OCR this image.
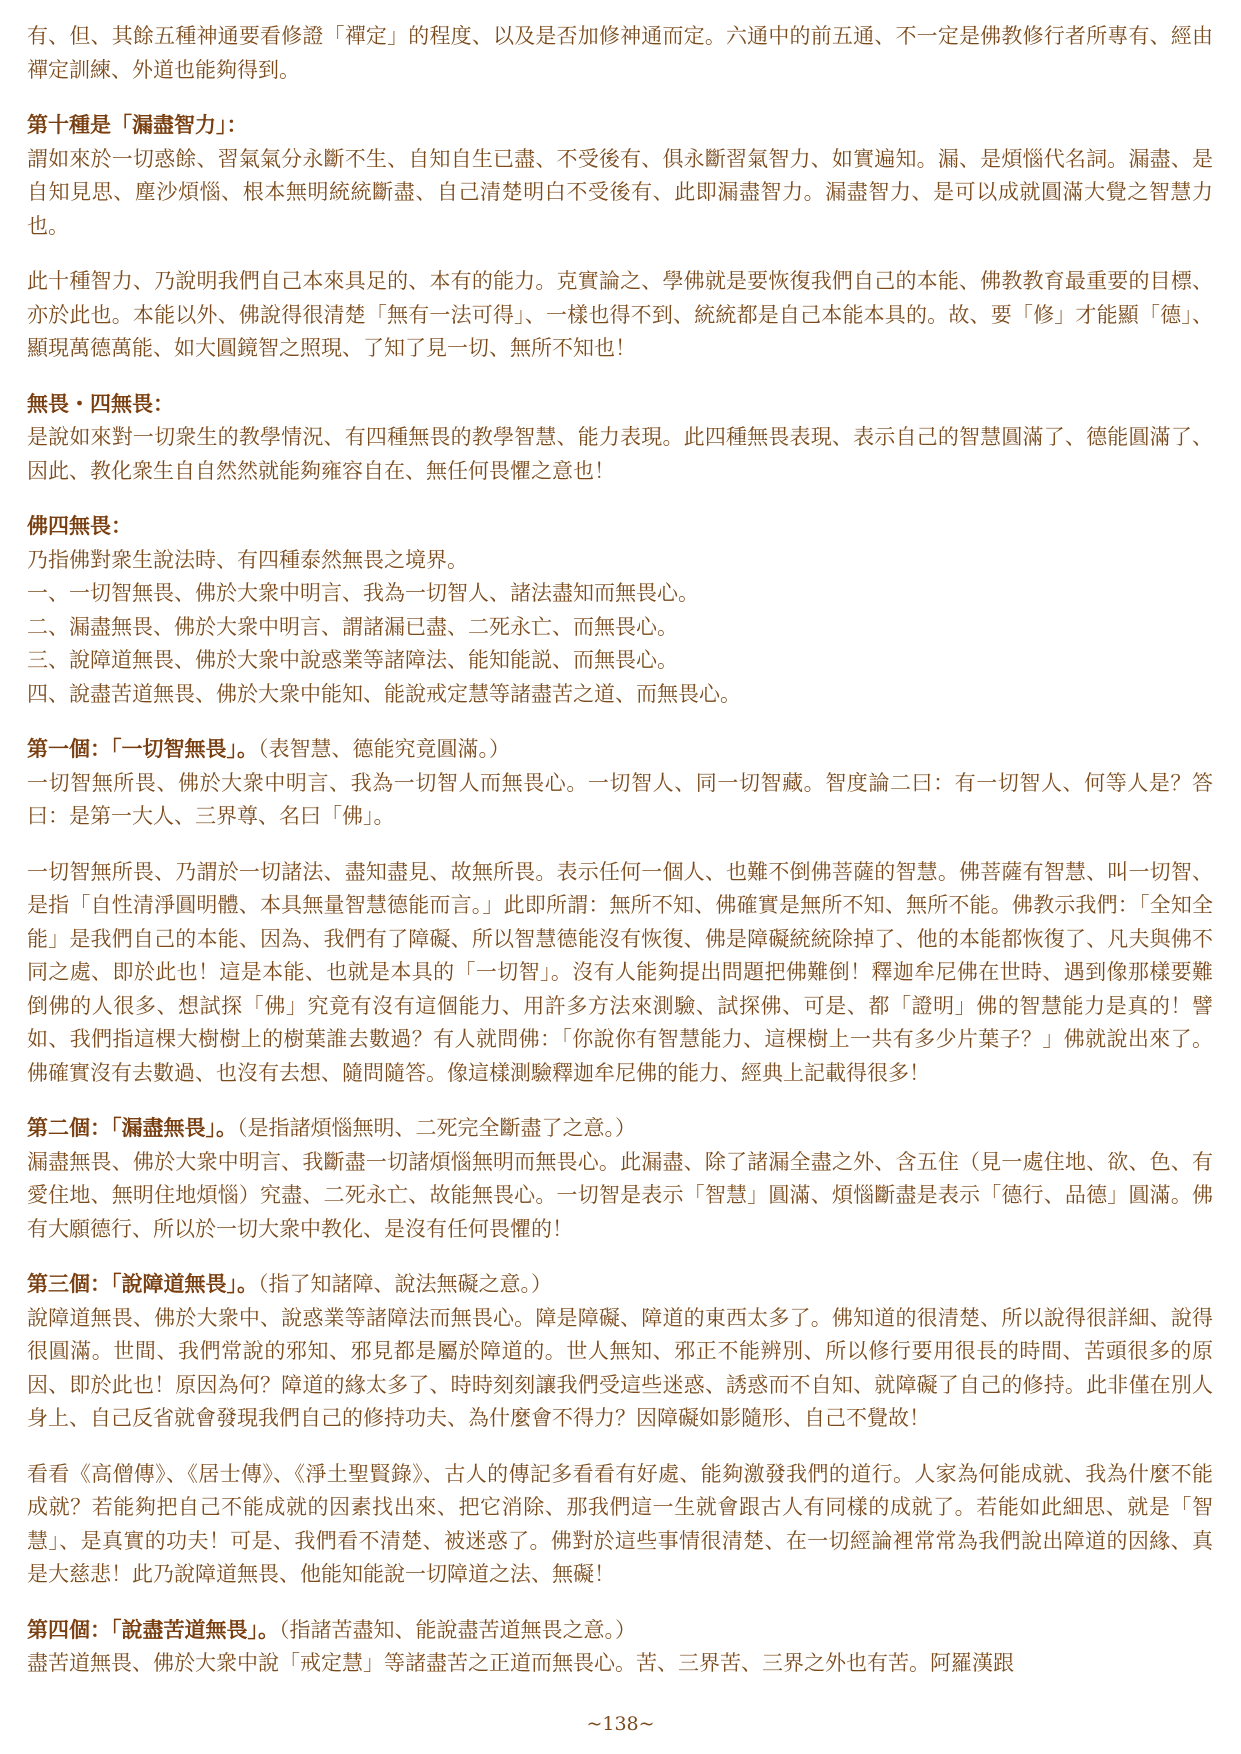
有、但、其餘五種神通要看修證「禪定」的程度、以及是否加修神通而定。六通中的前五通、不一定是佛教修行者所專有、經由禪定訓練、外道也能夠得到。

第十種是「漏盡智力」：

謂如來於一切惑餘、習氣氣分永斷不生、自知自生已盡、不受後有、俱永斷習氣智力、如實遍知。漏、是煩惱代名詞。漏盡、是自知見思、塵沙煩惱、根本無明統統斷盡、自己清楚明白不受後有、此即漏盡智力。漏盡智力、是可以成就圓滿大覺之智慧力也。

此十種智力、乃說明我們自己本來具足的、本有的能力。克實論之、學佛就是要恢復我們自己的本能、佛教教育最重要的目標、亦於此也。本能以外、佛說得很清楚「無有一法可得」、一樣也得不到、統統都是自己本能本具的。故、要「修」才能顯「德」、顯現萬德萬能、如大圓鏡智之照現、了知了見一切、無所不知也！

無畏・四無畏：

是說如來對一切衆生的教學情況、有四種無畏的教學智慧、能力表現。此四種無畏表現、表示自己的智慧圓滿了、德能圓滿了、因此、教化衆生自自然然就能夠雍容自在、無任何畏懼之意也！

佛四無畏：

乃指佛對衆生說法時、有四種泰然無畏之境界。
一、一切智無畏、佛於大衆中明言、我為一切智人、諸法盡知而無畏心。
二、漏盡無畏、佛於大衆中明言、謂諸漏已盡、二死永亡、而無畏心。
三、說障道無畏、佛於大衆中說惑業等諸障法、能知能説、而無畏心。
四、說盡苦道無畏、佛於大衆中能知、能說戒定慧等諸盡苦之道、而無畏心。

第一個：「一切智無畏」。（表智慧、德能究竟圓滿。）

一切智無所畏、佛於大衆中明言、我為一切智人而無畏心。一切智人、同一切智藏。智度論二曰：有一切智人、何等人是？答曰：是第一大人、三界尊、名曰「佛」。

一切智無所畏、乃謂於一切諸法、盡知盡見、故無所畏。表示任何一個人、也難不倒佛菩薩的智慧。佛菩薩有智慧、叫一切智、是指「自性清淨圓明體、本具無量智慧德能而言。」此即所謂：無所不知、佛確實是無所不知、無所不能。佛教示我們：「全知全能」是我們自己的本能、因為、我們有了障礙、所以智慧德能沒有恢復、佛是障礙統統除掉了、他的本能都恢復了、凡夫與佛不同之處、即於此也！這是本能、也就是本具的「一切智」。沒有人能夠提出問題把佛難倒！釋迦牟尼佛在世時、遇到像那樣要難倒佛的人很多、想試探「佛」究竟有沒有這個能力、用許多方法來測驗、試探佛、可是、都「證明」佛的智慧能力是真的！譬如、我們指這棵大樹樹上的樹葉誰去數過？有人就問佛：「你說你有智慧能力、這棵樹上一共有多少片葉子？」佛就說出來了。佛確實沒有去數過、也沒有去想、隨問隨答。像這樣測驗釋迦牟尼佛的能力、經典上記載得很多！

第二個：「漏盡無畏」。（是指諸煩惱無明、二死完全斷盡了之意。）

漏盡無畏、佛於大衆中明言、我斷盡一切諸煩惱無明而無畏心。此漏盡、除了諸漏全盡之外、含五住（見一處住地、欲、色、有愛住地、無明住地煩惱）究盡、二死永亡、故能無畏心。一切智是表示「智慧」圓滿、煩惱斷盡是表示「德行、品德」圓滿。佛有大願德行、所以於一切大衆中教化、是沒有任何畏懼的！

第三個：「說障道無畏」。（指了知諸障、說法無礙之意。）

說障道無畏、佛於大衆中、說惑業等諸障法而無畏心。障是障礙、障道的東西太多了。佛知道的很清楚、所以說得很詳細、說得很圓滿。世間、我們常說的邪知、邪見都是屬於障道的。世人無知、邪正不能辨別、所以修行要用很長的時間、苦頭很多的原因、即於此也！原因為何？障道的緣太多了、時時刻刻讓我們受這些迷惑、誘惑而不自知、就障礙了自己的修持。此非僅在別人身上、自己反省就會發現我們自己的修持功夫、為什麼會不得力？因障礙如影隨形、自己不覺故！

看看《高僧傳》、《居士傳》、《淨土聖賢錄》、古人的傳記多看看有好處、能夠激發我們的道行。人家為何能成就、我為什麼不能成就？若能夠把自己不能成就的因素找出來、把它消除、那我們這一生就會跟古人有同樣的成就了。若能如此細思、就是「智慧」、是真實的功夫！可是、我們看不清楚、被迷惑了。佛對於這些事情很清楚、在一切經論裡常常為我們說出障道的因緣、真是大慈悲！此乃說障道無畏、他能知能說一切障道之法、無礙！

第四個：「說盡苦道無畏」。（指諸苦盡知、能說盡苦道無畏之意。）

盡苦道無畏、佛於大衆中說「戒定慧」等諸盡苦之正道而無畏心。苦、三界苦、三界之外也有苦。阿羅漢跟

~138~
